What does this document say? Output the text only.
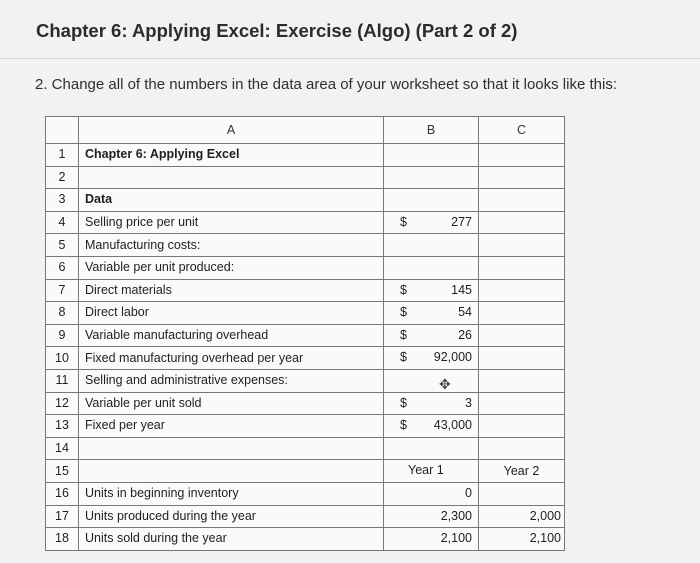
Chapter 6: Applying Excel: Exercise (Algo) (Part 2 of 2)
2. Change all of the numbers in the data area of your worksheet so that it looks like this:
	A	B	C
1	Chapter 6: Applying Excel		
2			
3	Data		
4	Selling price per unit	$ 277	

5	Manufacturing costs:		
6	Variable per unit produced:		
7	Direct materials	$ 145	

8	Direct labor	$ 54	

9	Variable manufacturing overhead	$ 26	

10	Fixed manufacturing overhead per year	$ 92,000	

11	Selling and administrative expenses:	✥	

12	Variable per unit sold	$ 3	

13	Fixed per year	$ 43,000	

14			
15		Year 1	Year 2
16	Units in beginning inventory	0	

17	Units produced during the year	2,300	2,000
18	Units sold during the year	2,100	2,100
